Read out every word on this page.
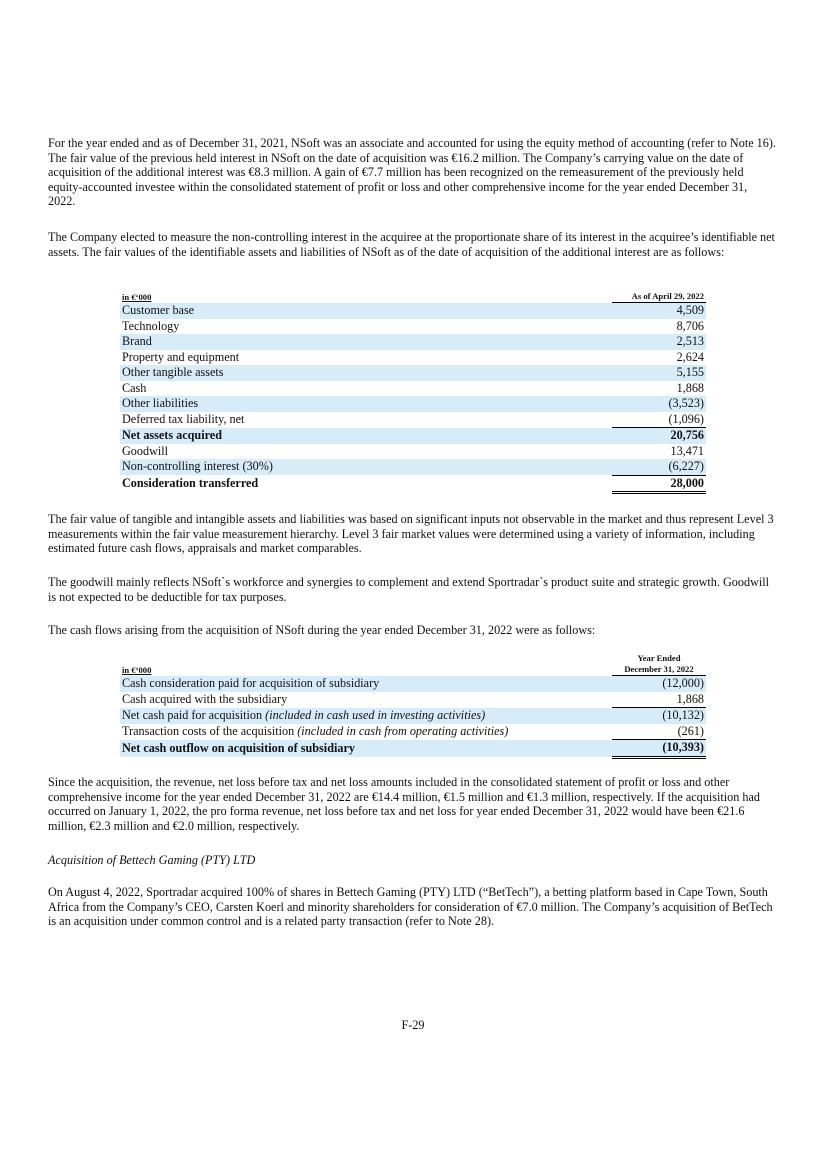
For the year ended and as of December 31, 2021, NSoft was an associate and accounted for using the equity method of accounting (refer to Note 16). The fair value of the previous held interest in NSoft on the date of acquisition was €16.2 million. The Company’s carrying value on the date of acquisition of the additional interest was €8.3 million. A gain of €7.7 million has been recognized on the remeasurement of the previously held equity-accounted investee within the consolidated statement of profit or loss and other comprehensive income for the year ended December 31, 2022.

The Company elected to measure the non-controlling interest in the acquiree at the proportionate share of its interest in the acquiree’s identifiable net assets. The fair values of the identifiable assets and liabilities of NSoft as of the date of acquisition of the additional interest are as follows:

in €‘000		As of April 29, 2022
Customer base		4,509
Technology		8,706
Brand		2,513
Property and equipment		2,624
Other tangible assets		5,155
Cash		1,868
Other liabilities		(3,523)
Deferred tax liability, net		(1,096)
Net assets acquired		20,756
Goodwill		13,471
Non-controlling interest (30%)		(6,227)
Consideration transferred		28,000

The fair value of tangible and intangible assets and liabilities was based on significant inputs not observable in the market and thus represent Level 3 measurements within the fair value measurement hierarchy. Level 3 fair market values were determined using a variety of information, including estimated future cash flows, appraisals and market comparables.

The goodwill mainly reflects NSoft`s workforce and synergies to complement and extend Sportradar`s product suite and strategic growth. Goodwill is not expected to be deductible for tax purposes.

The cash flows arising from the acquisition of NSoft during the year ended December 31, 2022 were as follows:

in €‘000		Year Ended
December 31, 2022

Cash consideration paid for acquisition of subsidiary		(12,000)
Cash acquired with the subsidiary		1,868
Net cash paid for acquisition (included in cash used in investing activities)		(10,132)
Transaction costs of the acquisition (included in cash from operating activities)		(261)
Net cash outflow on acquisition of subsidiary		(10,393)

Since the acquisition, the revenue, net loss before tax and net loss amounts included in the consolidated statement of profit or loss and other comprehensive income for the year ended December 31, 2022 are €14.4 million, €1.5 million and €1.3 million, respectively. If the acquisition had occurred on January 1, 2022, the pro forma revenue, net loss before tax and net loss for year ended December 31, 2022 would have been €21.6 million, €2.3 million and €2.0 million, respectively.

Acquisition of Bettech Gaming (PTY) LTD

On August 4, 2022, Sportradar acquired 100% of shares in Bettech Gaming (PTY) LTD (“BetTech”), a betting platform based in Cape Town, South Africa from the Company’s CEO, Carsten Koerl and minority shareholders for consideration of €7.0 million. The Company’s acquisition of BetTech is an acquisition under common control and is a related party transaction (refer to Note 28).

F-29
